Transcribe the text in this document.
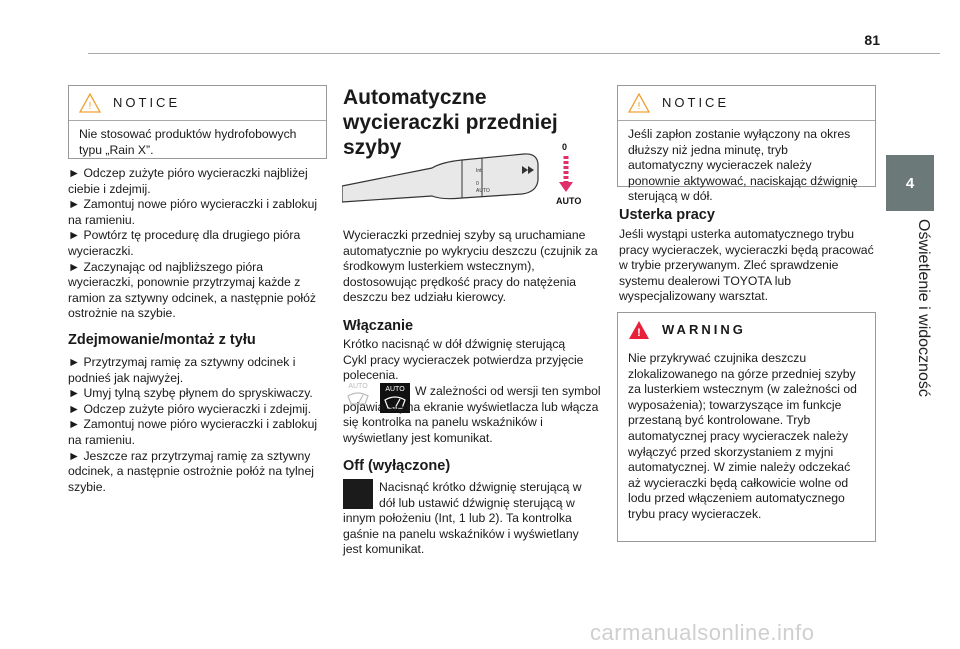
81
4
Oświetlenie i widoczność
! NOTICE

Nie stosować produktów hydrofobowych typu „Rain X”.

► Odczep zużyte pióro wycieraczki najbliżej ciebie i zdejmij.

► Zamontuj nowe pióro wycieraczki i zablokuj na ramieniu.

► Powtórz tę procedurę dla drugiego pióra wycieraczki.

► Zaczynając od najbliższego pióra wycieraczki, ponownie przytrzymaj każde z ramion za sztywny odcinek, a następnie połóż ostrożnie na szybie.

Zdejmowanie/montaż z tyłu

► Przytrzymaj ramię za sztywny odcinek i podnieś jak najwyżej.

► Umyj tylną szybę płynem do spryskiwaczy.

► Odczep zużyte pióro wycieraczki i zdejmij.

► Zamontuj nowe pióro wycieraczki i zablokuj na ramieniu.

► Jeszcze raz przytrzymaj ramię za sztywny odcinek, a następnie ostrożnie połóż na tylnej szybie.

Automatyczne wycieraczki przedniej szyby
Int
0
AUTO
0
AUTO
Wycieraczki przedniej szyby są uruchamiane automatycznie po wykryciu deszczu (czujnik za środkowym lusterkiem wstecznym), dostosowując prędkość pracy do natężenia deszczu bez udziału kierowcy.
Włączanie

Krótko nacisnąć w dół dźwignię sterującą

Cykl pracy wycieraczek potwierdza przyjęcie polecenia.

AUTO	AUTO W zależności od wersji ten symbol pojawia się na ekranie wyświetlacza lub włącza się kontrolka na panelu wskaźników i wyświetlany jest komunikat.
Off (wyłączone)

Nacisnąć krótko dźwignię sterującą w dół lub ustawić dźwignię sterującą w innym położeniu (Int, 1 lub 2). Ta kontrolka gaśnie na panelu wskaźników i wyświetlany jest komunikat.

! NOTICE

Jeśli zapłon zostanie wyłączony na okres dłuższy niż jedna minutę, tryb automatyczny wycieraczek należy ponownie aktywować, naciskając dźwignię sterującą w dół.

Usterka pracy
Jeśli wystąpi usterka automatycznego trybu pracy wycieraczek, wycieraczki będą pracować w trybie przerywanym. Zleć sprawdzenie systemu dealerowi TOYOTA lub wyspecjalizowany warsztat.
! WARNING

Nie przykrywać czujnika deszczu zlokalizowanego na górze przedniej szyby za lusterkiem wstecznym (w zależności od wyposażenia); towarzyszące im funkcje przestaną być kontrolowane. Tryb automatycznej pracy wycieraczek należy wyłączyć przed skorzystaniem z myjni automatycznej. W zimie należy odczekać aż wycieraczki będą całkowicie wolne od lodu przed włączeniem automatycznego trybu pracy wycieraczek.

carmanualsonline.info
